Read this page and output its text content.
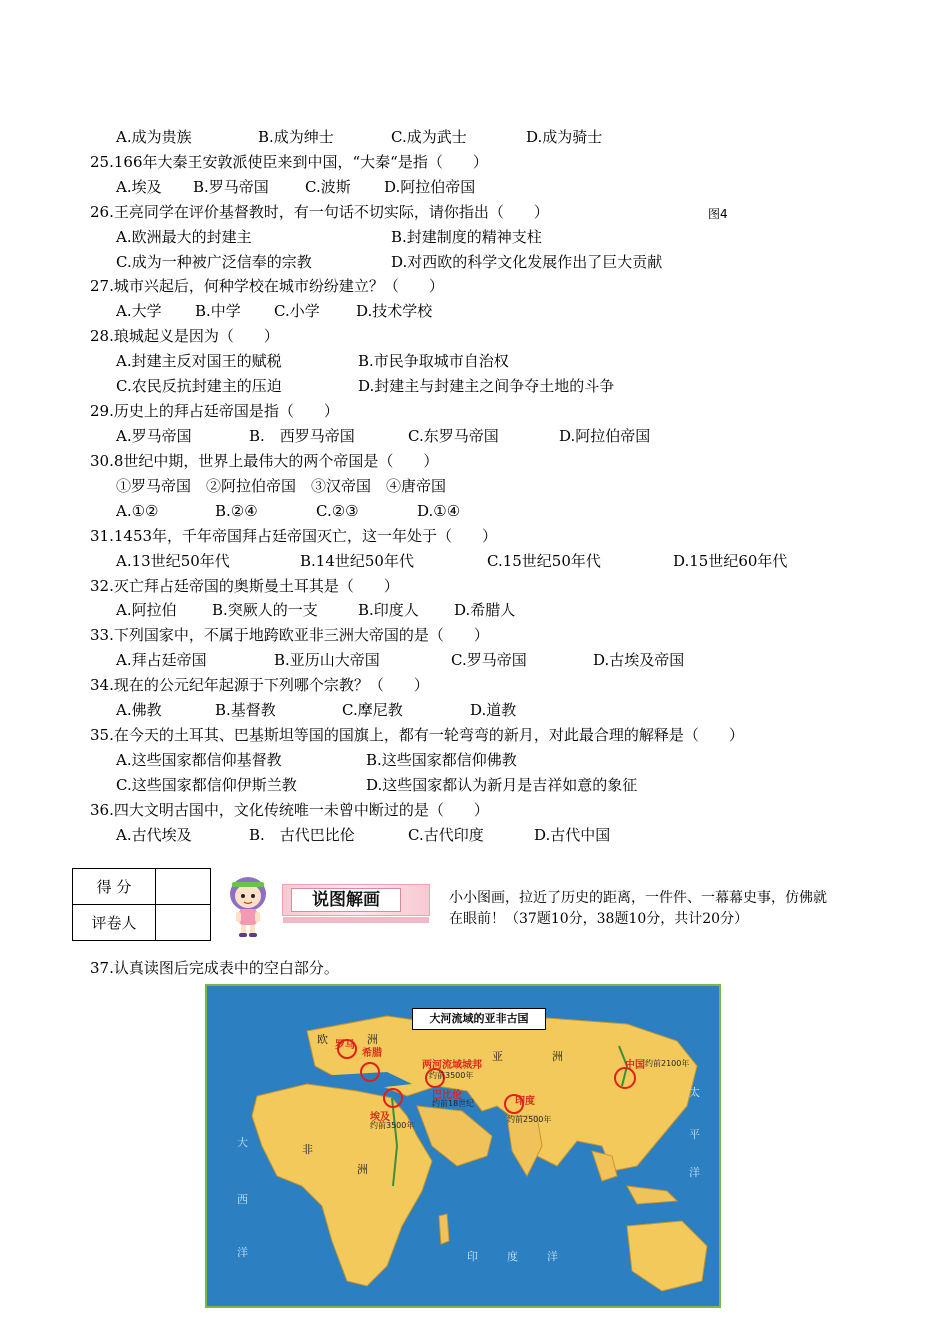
A.成为贵族	B.成为绅士	C.成为武士	D.成为骑士
25.166年大秦王安敦派使臣来到中国，“大秦“是指（　　）
A.埃及 B.罗马帝国 C.波斯 D.阿拉伯帝国
26.王亮同学在评价基督教时，有一句话不切实际，请你指出（　　）	图4
A.欧洲最大的封建主	B.封建制度的精神支柱
C.成为一种被广泛信奉的宗教	D.对西欧的科学文化发展作出了巨大贡献
27.城市兴起后，何种学校在城市纷纷建立？（　　）
A.大学 B.中学 C.小学 D.技术学校
28.琅城起义是因为（　　）
A.封建主反对国王的赋税	B.市民争取城市自治权
C.农民反抗封建主的压迫	D.封建主与封建主之间争夺土地的斗争
29.历史上的拜占廷帝国是指（　　）
A.罗马帝国	B.　西罗马帝国	C.东罗马帝国	D.阿拉伯帝国
30.8世纪中期，世界上最伟大的两个帝国是（　　）
①罗马帝国　②阿拉伯帝国　③汉帝国　④唐帝国
A.①②	B.②④	C.②③	D.①④
31.1453年，千年帝国拜占廷帝国灭亡，这一年处于（　　）
A.13世纪50年代	B.14世纪50年代	C.15世纪50年代	D.15世纪60年代
32.灭亡拜占廷帝国的奥斯曼土耳其是（　　）
A.阿拉伯 B.突厥人的一支	B.印度人 D.希腊人
33.下列国家中，不属于地跨欧亚非三洲大帝国的是（　　）
A.拜占廷帝国	B.亚历山大帝国	C.罗马帝国	D.古埃及帝国
34.现在的公元纪年起源于下列哪个宗教？（　　）
A.佛教	B.基督教	C.摩尼教	D.道教
35.在今天的土耳其、巴基斯坦等国的国旗上，都有一轮弯弯的新月，对此最合理的解释是（　　）
A.这些国家都信仰基督教	B.这些国家都信仰佛教
C.这些国家都信仰伊斯兰教	D.这些国家都认为新月是吉祥如意的象征
36.四大文明古国中，文化传统唯一未曾中断过的是（　　）
A.古代埃及	B.　古代巴比伦	C.古代印度	D.古代中国
得 分	
评卷人	
说图解画	小小图画，拉近了历史的距离，一件件、一幕幕史事，仿佛就在眼前！（37题10分，38题10分，共计20分）
37.认真读图后完成表中的空白部分。
大河流域的亚非古国
欧	洲
亚	洲
非
洲
罗马
希腊
埃及
约前3500年
巴比伦
约前18世纪
两河流域城邦
约前3500年
印度
约前2500年
中国 约前2100年
大
西
洋	印	度	洋
太
平
洋
